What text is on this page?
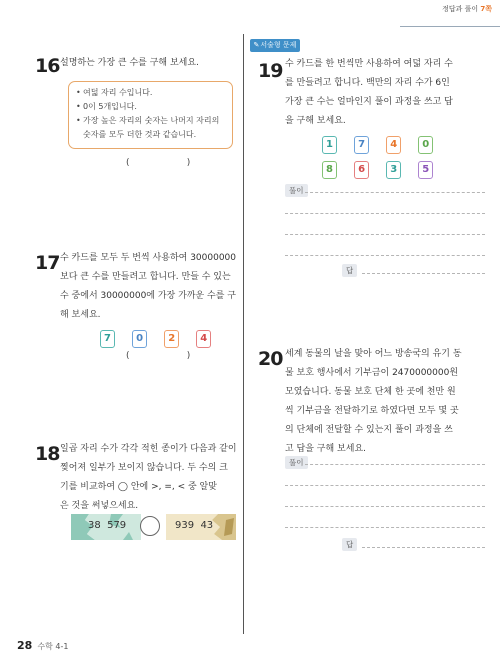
정답과 풀이 7쪽
16 설명하는 가장 큰 수를 구해 보세요.
• 여덟 자리 수입니다.
• 0이 5개입니다.
• 가장 높은 자리의 숫자는 나머지 자리의 숫자를 모두 더한 것과 같습니다.
(                    )
17 수 카드를 모두 두 번씩 사용하여 30000000
보다 큰 수를 만들려고 합니다. 만들 수 있는
수 중에서 30000000에 가장 가까운 수를 구
해 보세요.
7	0	2	4
(                    )
18 일곱 자리 수가 각각 적힌 종이가 다음과 같이
찢어져 일부가 보이지 않습니다. 두 수의 크
기를 비교하여 ◯ 안에 >, =, < 중 알맞
은 것을 써넣으세요.
38  579	939  43
✎서술형 문제
19 수 카드를 한 번씩만 사용하여 여덟 자리 수
를 만들려고 합니다. 백만의 자리 수가 6인
가장 큰 수는 얼마인지 풀이 과정을 쓰고 답
을 구해 보세요.
1	7	4	0
8	6	3	5
풀이
답
20 세계 동물의 날을 맞아 어느 방송국의 유기 동
물 보호 행사에서 기부금이 2470000000원
모였습니다. 동물 보호 단체 한 곳에 천만 원
씩 기부금을 전달하기로 하였다면 모두 몇 곳
의 단체에 전달할 수 있는지 풀이 과정을 쓰
고 답을 구해 보세요.
풀이
답
28 수학 4-1
